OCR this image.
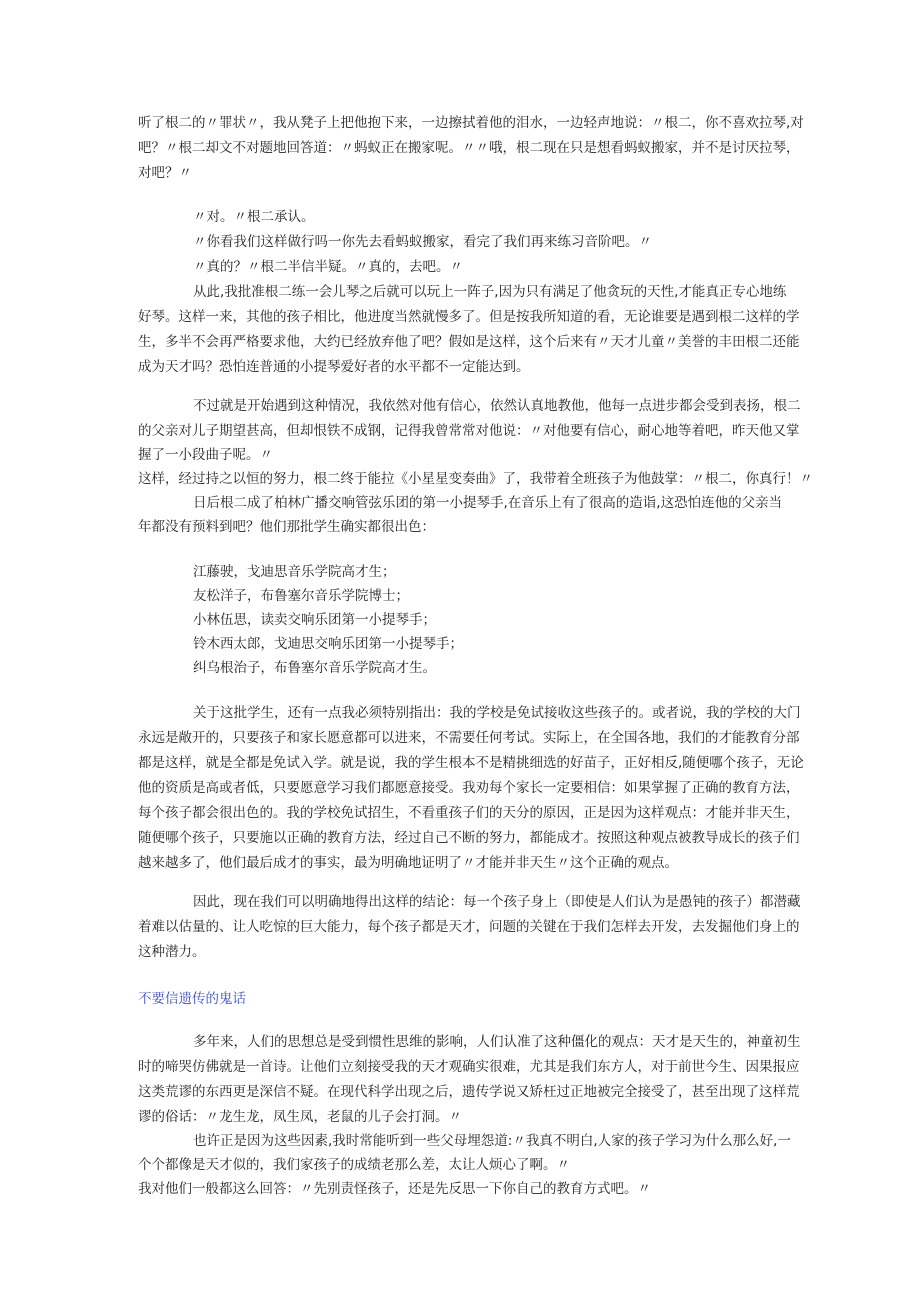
听了根二的〃罪状〃，我从凳子上把他抱下来，一边擦拭着他的泪水，一边轻声地说：〃根二，你不喜欢拉琴,对

吧？〃根二却文不对题地回答道：〃蚂蚁正在搬家呢。〃〃哦，根二现在只是想看蚂蚁搬家，并不是讨厌拉琴，

对吧？〃

〃对。〃根二承认。

〃你看我们这样做行吗一你先去看蚂蚁搬家，看完了我们再来练习音阶吧。〃

〃真的？〃根二半信半疑。〃真的，去吧。〃

从此,我批准根二练一会儿琴之后就可以玩上一阵子,因为只有满足了他贪玩的天性,才能真正专心地练

好琴。这样一来，其他的孩子相比，他进度当然就慢多了。但是按我所知道的看，无论谁要是遇到根二这样的学

生，多半不会再严格要求他，大约已经放弃他了吧？假如是这样，这个后来有〃天才儿童〃美誉的丰田根二还能

成为天才吗？恐怕连普通的小提琴爱好者的水平都不一定能达到。

不过就是开始遇到这种情况，我依然对他有信心，依然认真地教他，他每一点进步都会受到表扬，根二

的父亲对儿子期望甚高，但却恨铁不成钢，记得我曾常常对他说：〃对他要有信心，耐心地等着吧，昨天他又掌

握了一小段曲子呢。〃

这样，经过持之以恒的努力，根二终于能拉《小星星变奏曲》了，我带着全班孩子为他鼓掌：〃根二，你真行！〃

日后根二成了柏林广播交响管弦乐团的第一小提琴手,在音乐上有了很高的造诣,这恐怕连他的父亲当

年都没有预料到吧？他们那批学生确实都很出色：

江藤驶，戈迪思音乐学院高才生；

友松洋子，布鲁塞尔音乐学院博士；

小林伍思，读卖交响乐团第一小提琴手；

铃木西太郎，戈迪思交响乐团第一小提琴手；

纠乌根治子，布鲁塞尔音乐学院高才生。

关于这批学生，还有一点我必须特别指出：我的学校是免试接收这些孩子的。或者说，我的学校的大门

永远是敞开的，只要孩子和家长愿意都可以进来，不需要任何考试。实际上，在全国各地，我们的才能教育分部

都是这样，就是全都是免试入学。就是说，我的学生根本不是精挑细选的好苗子，正好相反,随便哪个孩子，无论

他的资质是高或者低，只要愿意学习我们都愿意接受。我劝每个家长一定要相信：如果掌握了正确的教育方法，

每个孩子都会很出色的。我的学校免试招生，不看重孩子们的天分的原因，正是因为这样观点：才能并非天生，

随便哪个孩子，只要施以正确的教育方法，经过自己不断的努力，都能成才。按照这种观点被教导成长的孩子们

越来越多了，他们最后成才的事实，最为明确地证明了〃才能并非天生〃这个正确的观点。

因此，现在我们可以明确地得出这样的结论：每一个孩子身上（即使是人们认为是愚钝的孩子）都潜藏

着难以估量的、让人吃惊的巨大能力，每个孩子都是天才，问题的关键在于我们怎样去开发，去发掘他们身上的

这种潜力。

不要信遗传的鬼话

多年来，人们的思想总是受到惯性思维的影响，人们认准了这种僵化的观点：天才是天生的，神童初生

时的啼哭仿佛就是一首诗。让他们立刻接受我的天才观确实很难，尤其是我们东方人，对于前世今生、因果报应

这类荒谬的东西更是深信不疑。在现代科学出现之后，遗传学说又矫枉过正地被完全接受了，甚至出现了这样荒

谬的俗话：〃龙生龙，凤生凤，老鼠的儿子会打洞。〃

也许正是因为这些因素,我时常能听到一些父母埋怨道:〃我真不明白,人家的孩子学习为什么那么好,一

个个都像是天才似的，我们家孩子的成绩老那么差，太让人烦心了啊。〃

我对他们一般都这么回答：〃先别责怪孩子，还是先反思一下你自己的教育方式吧。〃
